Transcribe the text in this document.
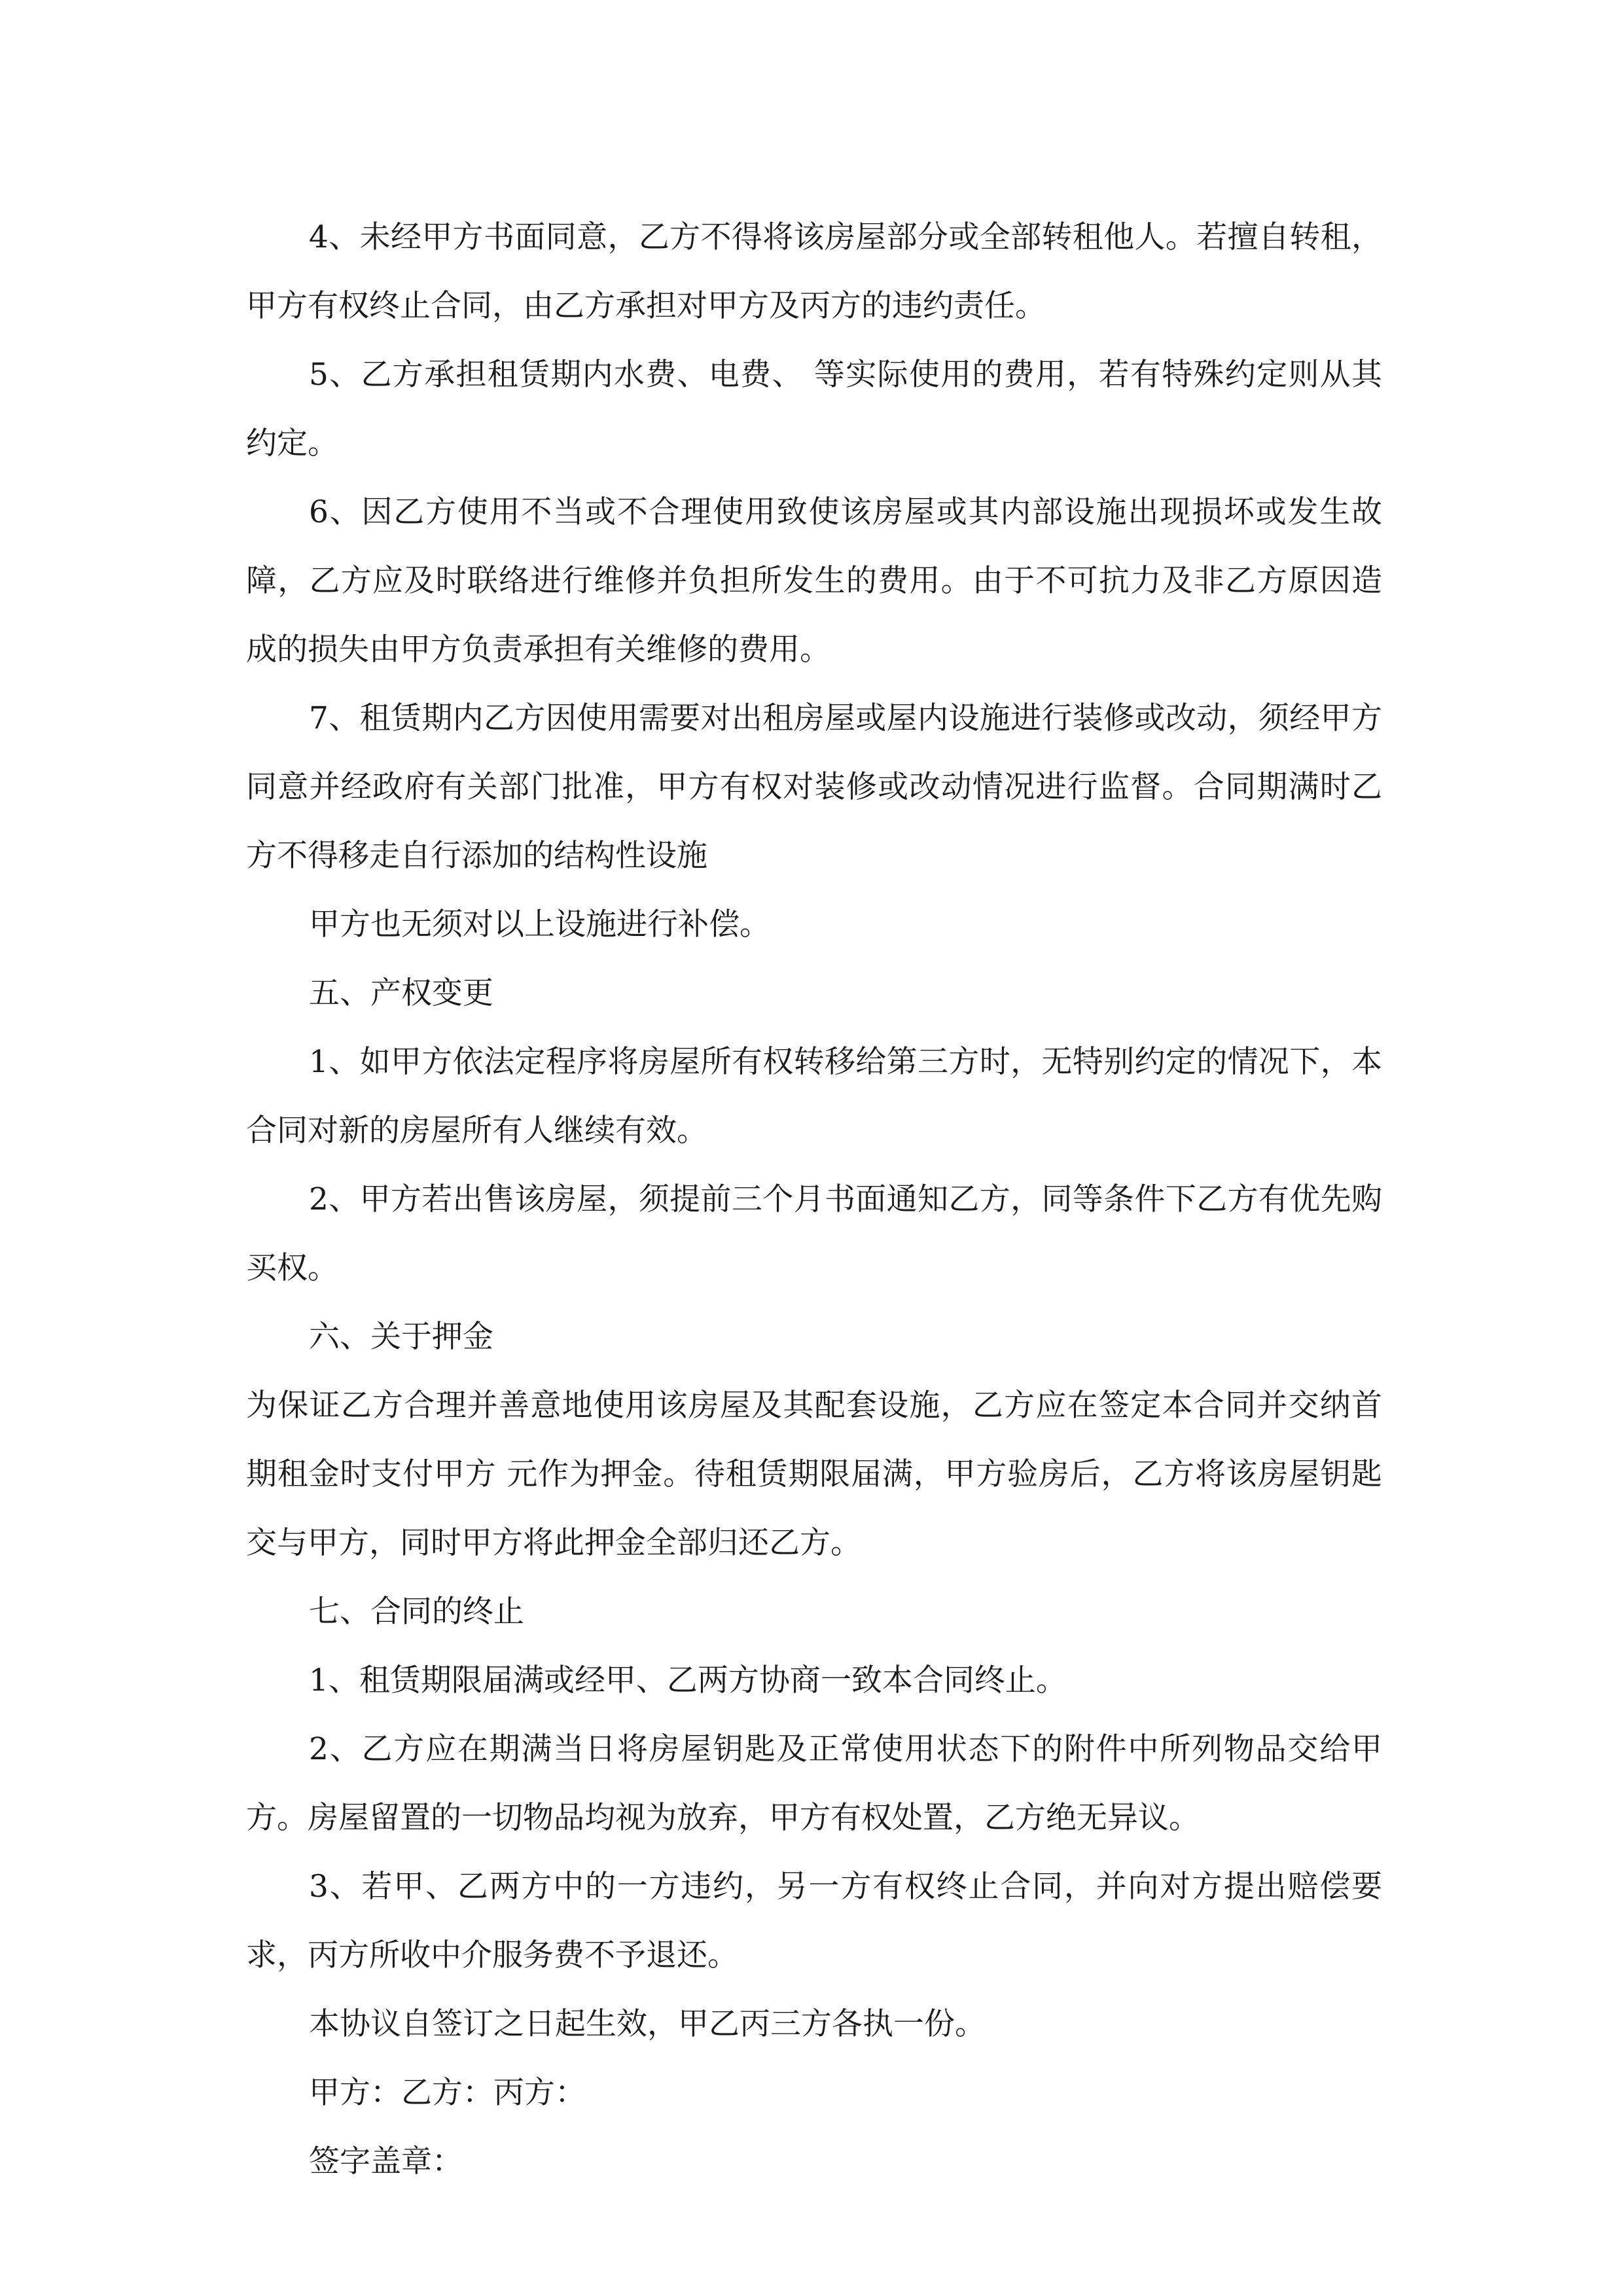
4、未经甲方书面同意，乙方不得将该房屋部分或全部转租他人。若擅自转租，甲方有权终止合同，由乙方承担对甲方及丙方的违约责任。

5、乙方承担租赁期内水费、电费、 等实际使用的费用，若有特殊约定则从其约定。

6、因乙方使用不当或不合理使用致使该房屋或其内部设施出现损坏或发生故障，乙方应及时联络进行维修并负担所发生的费用。由于不可抗力及非乙方原因造成的损失由甲方负责承担有关维修的费用。

7、租赁期内乙方因使用需要对出租房屋或屋内设施进行装修或改动，须经甲方同意并经政府有关部门批准，甲方有权对装修或改动情况进行监督。合同期满时乙方不得移走自行添加的结构性设施

甲方也无须对以上设施进行补偿。

五、产权变更

1、如甲方依法定程序将房屋所有权转移给第三方时，无特别约定的情况下，本合同对新的房屋所有人继续有效。

2、甲方若出售该房屋，须提前三个月书面通知乙方，同等条件下乙方有优先购买权。

六、关于押金

为保证乙方合理并善意地使用该房屋及其配套设施，乙方应在签定本合同并交纳首期租金时支付甲方 元作为押金。待租赁期限届满，甲方验房后，乙方将该房屋钥匙交与甲方，同时甲方将此押金全部归还乙方。

七、合同的终止

1、租赁期限届满或经甲、乙两方协商一致本合同终止。

2、乙方应在期满当日将房屋钥匙及正常使用状态下的附件中所列物品交给甲方。房屋留置的一切物品均视为放弃，甲方有权处置，乙方绝无异议。

3、若甲、乙两方中的一方违约，另一方有权终止合同，并向对方提出赔偿要求，丙方所收中介服务费不予退还。

本协议自签订之日起生效，甲乙丙三方各执一份。

甲方：乙方：丙方：

签字盖章：
